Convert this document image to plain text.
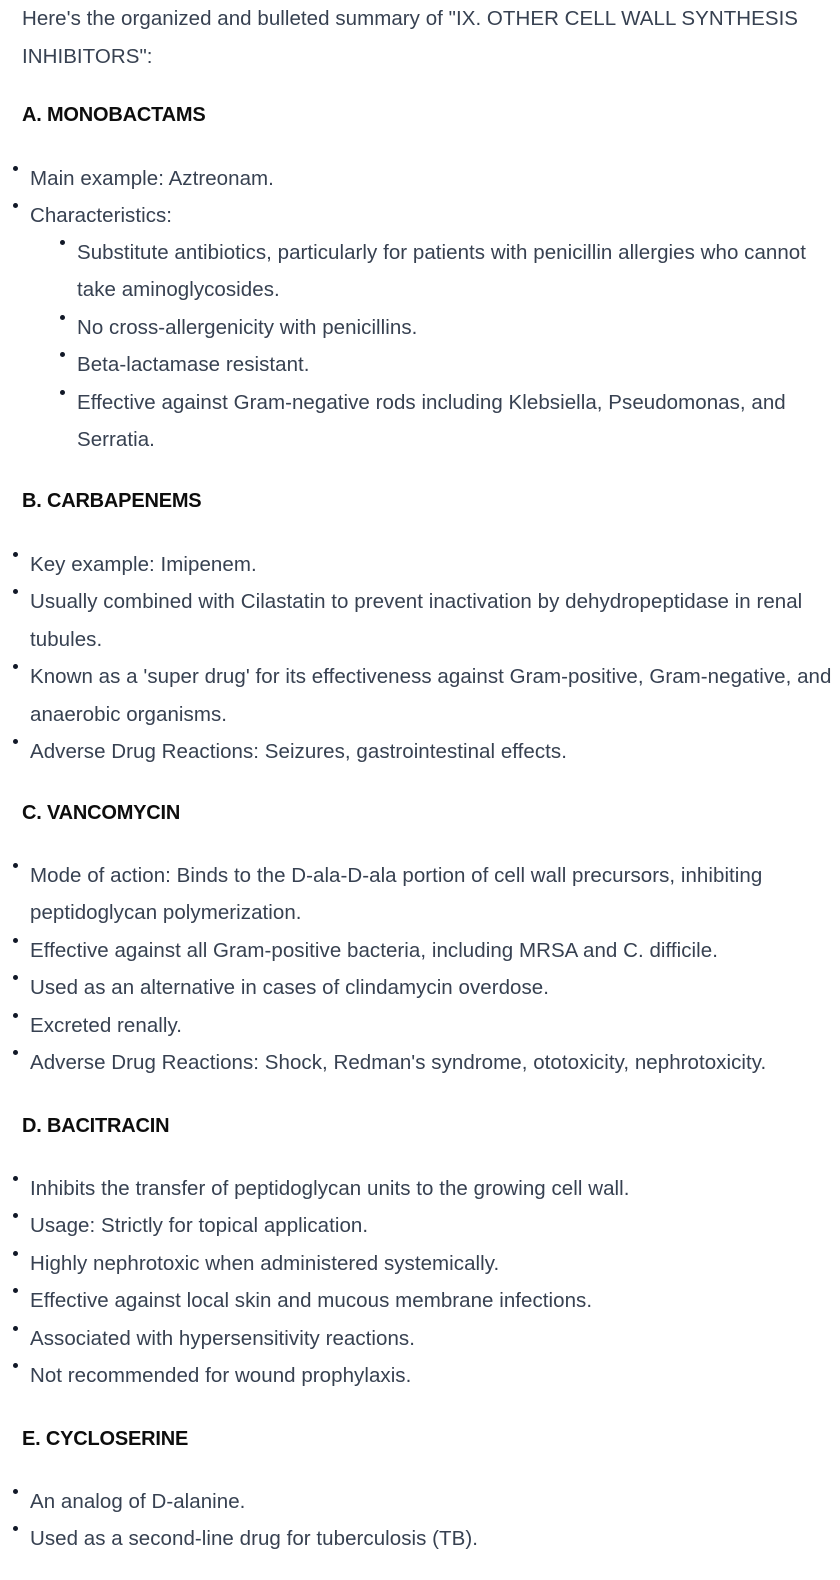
Here's the organized and bulleted summary of "IX. OTHER CELL WALL SYNTHESIS INHIBITORS":

A. MONOBACTAMS
Main example: Aztreonam.
Characteristics:
Substitute antibiotics, particularly for patients with penicillin allergies who cannot take aminoglycosides.
No cross-allergenicity with penicillins.
Beta-lactamase resistant.
Effective against Gram-negative rods including Klebsiella, Pseudomonas, and Serratia.
B. CARBAPENEMS
Key example: Imipenem.
Usually combined with Cilastatin to prevent inactivation by dehydropeptidase in renal tubules.
Known as a 'super drug' for its effectiveness against Gram-positive, Gram-negative, and anaerobic organisms.
Adverse Drug Reactions: Seizures, gastrointestinal effects.
C. VANCOMYCIN
Mode of action: Binds to the D-ala-D-ala portion of cell wall precursors, inhibiting peptidoglycan polymerization.
Effective against all Gram-positive bacteria, including MRSA and C. difficile.
Used as an alternative in cases of clindamycin overdose.
Excreted renally.
Adverse Drug Reactions: Shock, Redman's syndrome, ototoxicity, nephrotoxicity.
D. BACITRACIN
Inhibits the transfer of peptidoglycan units to the growing cell wall.
Usage: Strictly for topical application.
Highly nephrotoxic when administered systemically.
Effective against local skin and mucous membrane infections.
Associated with hypersensitivity reactions.
Not recommended for wound prophylaxis.
E. CYCLOSERINE
An analog of D-alanine.
Used as a second-line drug for tuberculosis (TB).
